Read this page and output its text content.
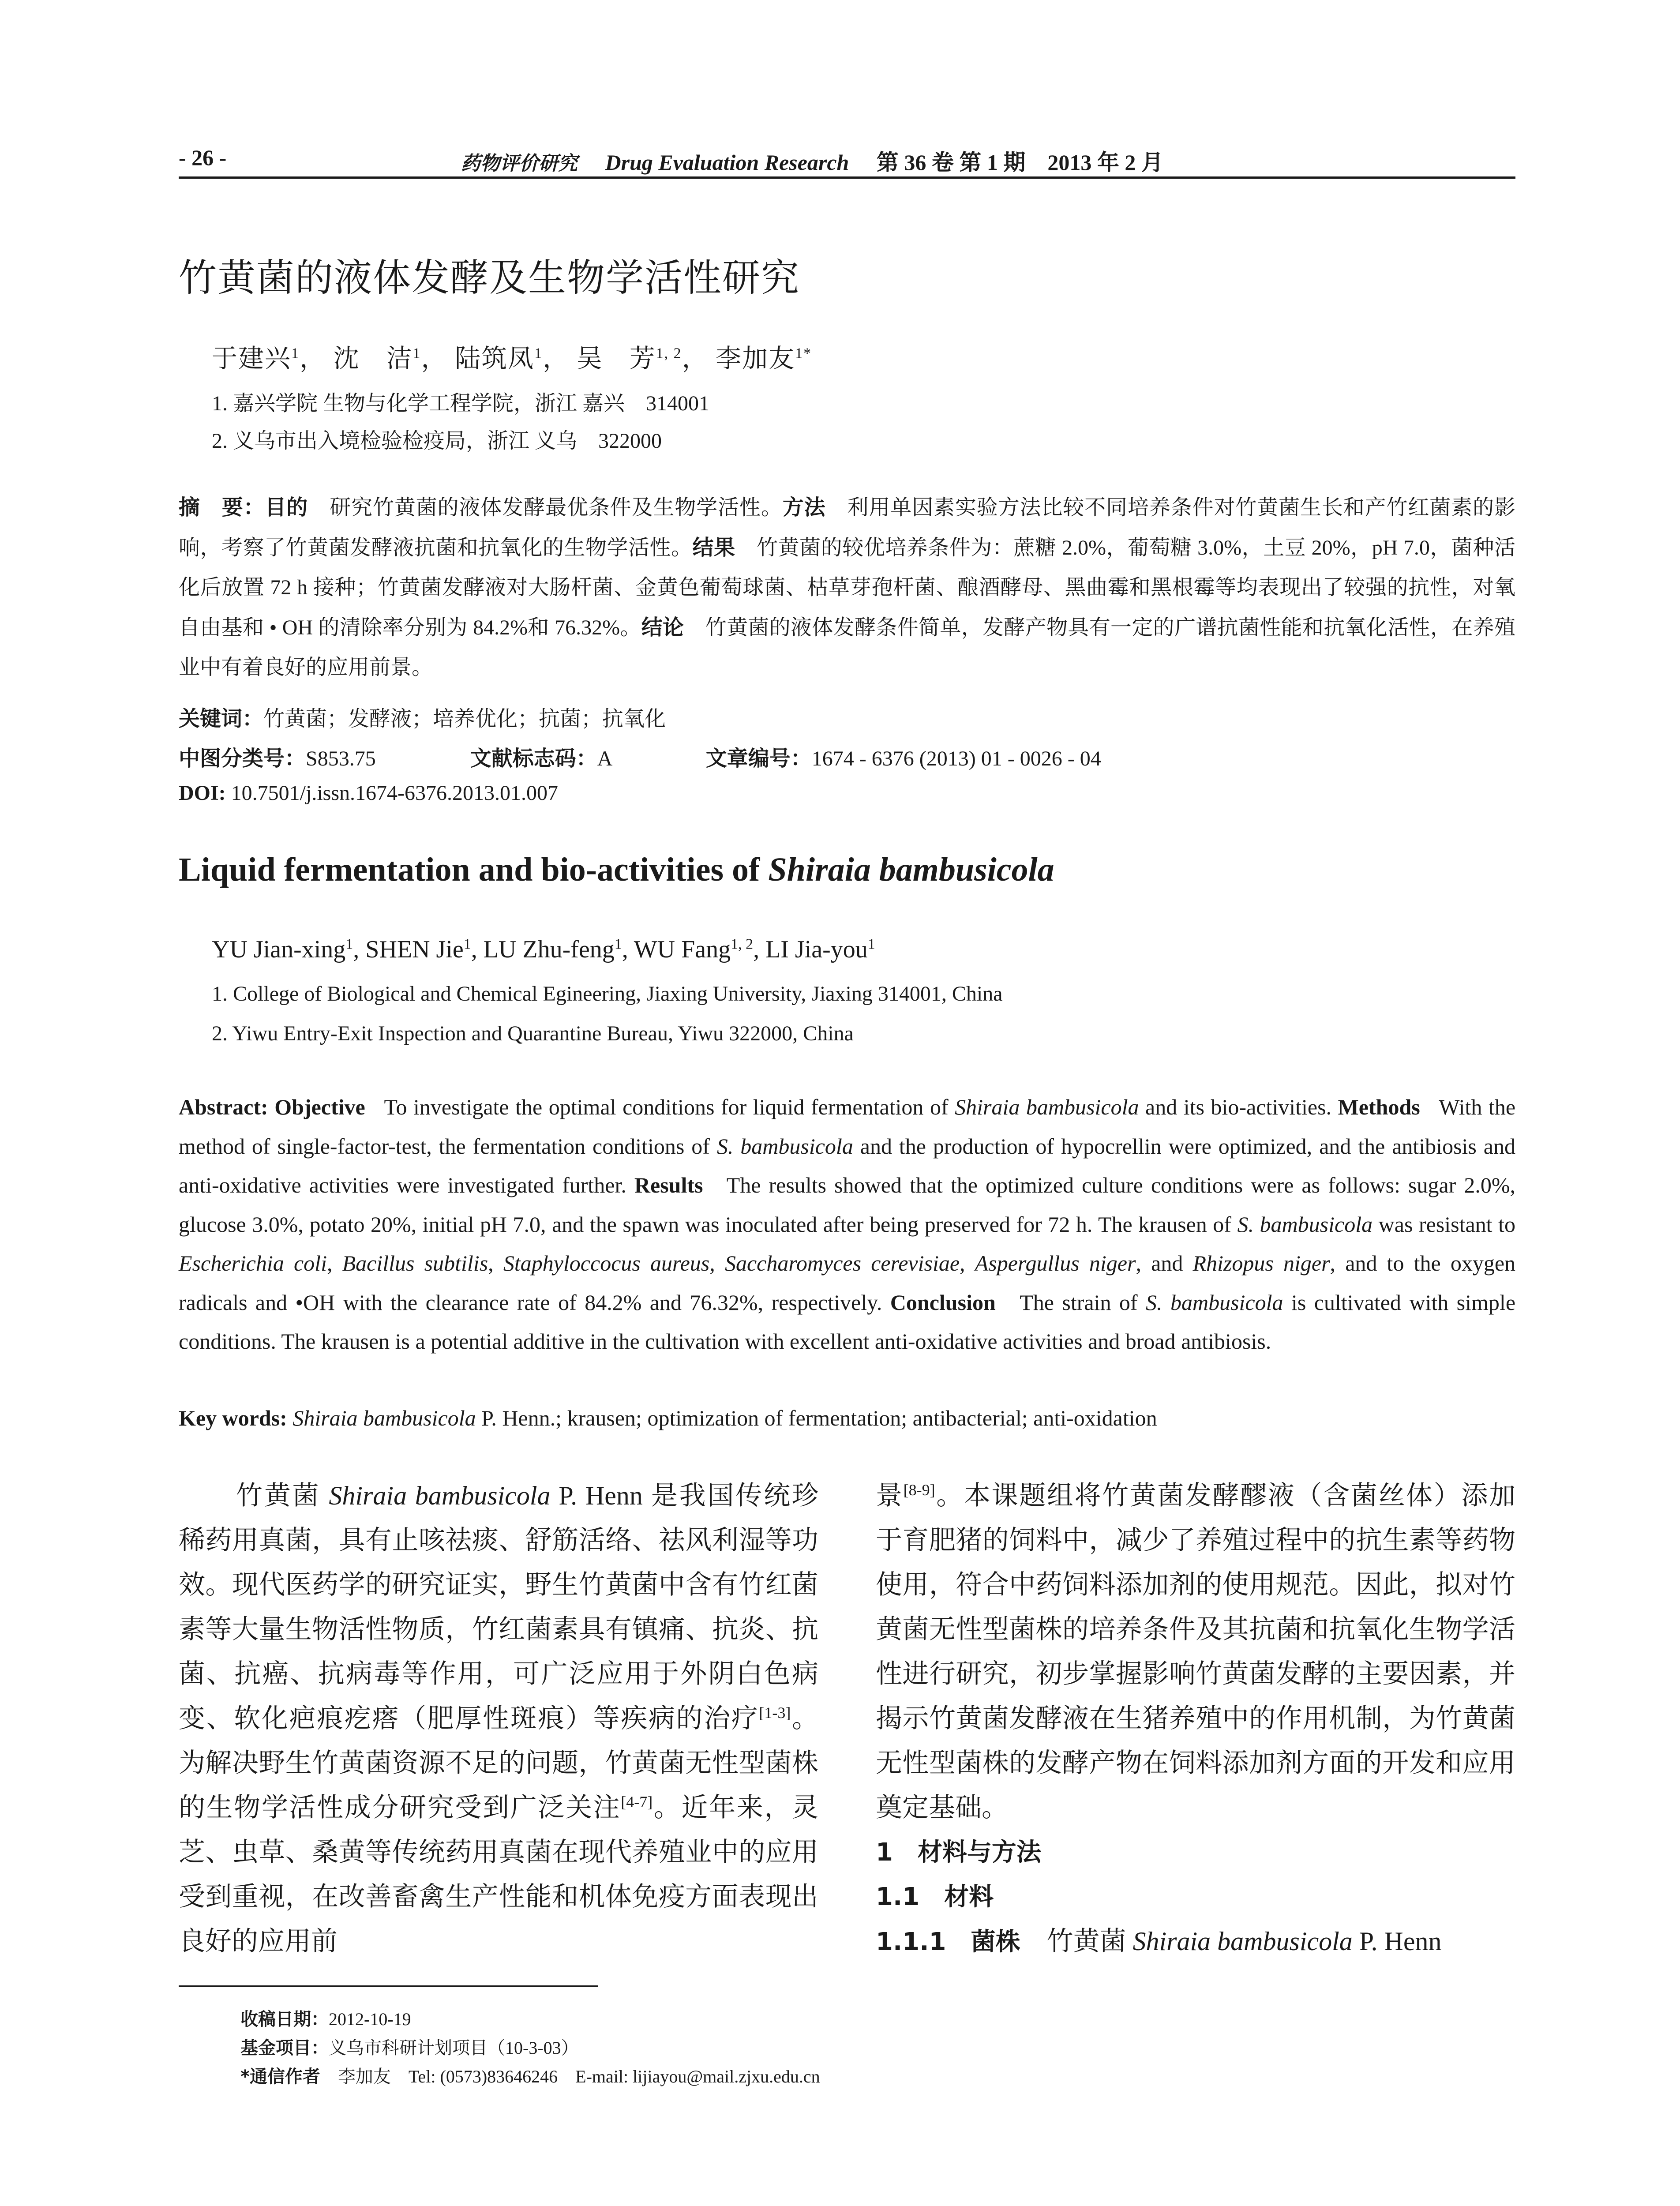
- 26 -	药物评价研究 Drug Evaluation Research 第 36 卷 第 1 期　2013 年 2 月
竹黄菌的液体发酵及生物学活性研究
于建兴$^1$， 沈　洁$^1$， 陆筑凤$^1$， 吴　芳$^{1, 2}$， 李加友$^{1*}$
1. 嘉兴学院 生物与化学工程学院，浙江 嘉兴　314001
2. 义乌市出入境检验检疫局，浙江 义乌　322000
摘　要：目的　 研究竹黄菌的液体发酵最优条件及生物学活性。方法　 利用单因素实验方法比较不同培养条件对竹黄菌生长和产竹红菌素的影响，考察了竹黄菌发酵液抗菌和抗氧化的生物学活性。结果　 竹黄菌的较优培养条件为：蔗糖 2.0%，葡萄糖 3.0%，土豆 20%，pH 7.0，菌种活化后放置 72 h 接种；竹黄菌发酵液对大肠杆菌、金黄色葡萄球菌、枯草芽孢杆菌、酿酒酵母、黑曲霉和黑根霉等均表现出了较强的抗性，对氧自由基和 • OH 的清除率分别为 84.2%和 76.32%。结论　 竹黄菌的液体发酵条件简单，发酵产物具有一定的广谱抗菌性能和抗氧化活性，在养殖业中有着良好的应用前景。
关键词：竹黄菌；发酵液；培养优化；抗菌；抗氧化
中图分类号：S853.75	文献标志码：A	文章编号：1674 - 6376 (2013) 01 - 0026 - 04
DOI: 10.7501/j.issn.1674-6376.2013.01.007
Liquid fermentation and bio-activities of Shiraia bambusicola
YU Jian-xing$^1$, SHEN Jie$^1$, LU Zhu-feng$^1$, WU Fang$^{1, 2}$, LI Jia-you$^1$
1. College of Biological and Chemical Egineering, Jiaxing University, Jiaxing 314001, China
2. Yiwu Entry-Exit Inspection and Quarantine Bureau, Yiwu 322000, China
Abstract: Objective To investigate the optimal conditions for liquid fermentation of Shiraia bambusicola and its bio-activities. Methods With the method of single-factor-test, the fermentation conditions of S. bambusicola and the production of hypocrellin were optimized, and the antibiosis and anti-oxidative activities were investigated further. Results The results showed that the optimized culture conditions were as follows: sugar 2.0%, glucose 3.0%, potato 20%, initial pH 7.0, and the spawn was inoculated after being preserved for 72 h. The krausen of S. bambusicola was resistant to Escherichia coli, Bacillus subtilis, Staphyloccocus aureus, Saccharomyces cerevisiae, Aspergullus niger, and Rhizopus niger, and to the oxygen radicals and •OH with the clearance rate of 84.2% and 76.32%, respectively. Conclusion The strain of S. bambusicola is cultivated with simple conditions. The krausen is a potential additive in the cultivation with excellent anti-oxidative activities and broad antibiosis.
Key words: Shiraia bambusicola P. Henn.; krausen; optimization of fermentation; antibacterial; anti-oxidation
竹黄菌 Shiraia bambusicola P. Henn 是我国传统珍稀药用真菌，具有止咳祛痰、舒筋活络、祛风利湿等功效。现代医药学的研究证实，野生竹黄菌中含有竹红菌素等大量生物活性物质，竹红菌素具有镇痛、抗炎、抗菌、抗癌、抗病毒等作用，可广泛应用于外阴白色病变、软化疤痕疙瘩（肥厚性斑痕）等疾病的治疗[1-3]。为解决野生竹黄菌资源不足的问题，竹黄菌无性型菌株的生物学活性成分研究受到广泛关注[4-7]。近年来，灵芝、虫草、桑黄等传统药用真菌在现代养殖业中的应用受到重视，在改善畜禽生产性能和机体免疫方面表现出良好的应用前
景[8-9]。本课题组将竹黄菌发酵醪液（含菌丝体）添加于育肥猪的饲料中，减少了养殖过程中的抗生素等药物使用，符合中药饲料添加剂的使用规范。因此，拟对竹黄菌无性型菌株的培养条件及其抗菌和抗氧化生物学活性进行研究，初步掌握影响竹黄菌发酵的主要因素，并揭示竹黄菌发酵液在生猪养殖中的作用机制，为竹黄菌无性型菌株的发酵产物在饲料添加剂方面的开发和应用奠定基础。
1　材料与方法
1.1　材料
1.1.1　菌株　竹黄菌 Shiraia bambusicola P. Henn
收稿日期：2012-10-19
基金项目：义乌市科研计划项目（10-3-03）
*通信作者　李加友　Tel: (0573)83646246　E-mail: lijiayou@mail.zjxu.edu.cn
